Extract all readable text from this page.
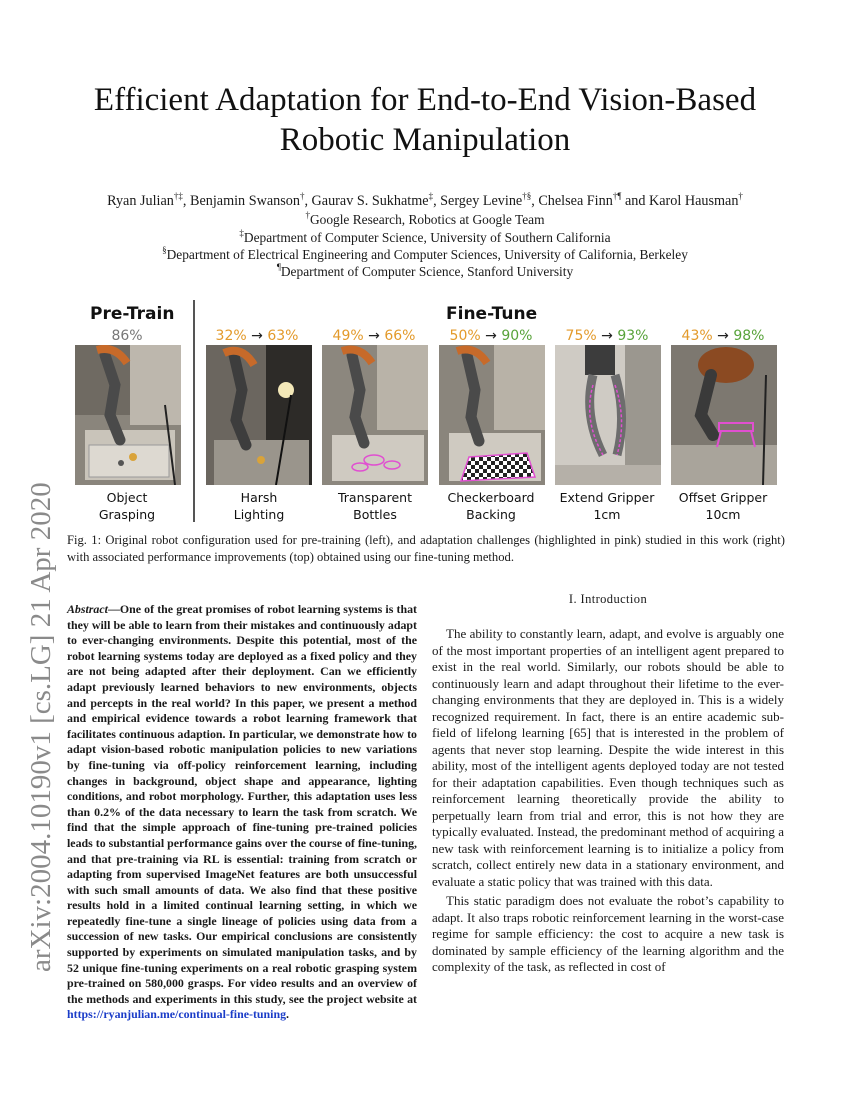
arXiv:2004.10190v1 [cs.LG] 21 Apr 2020
Efficient Adaptation for End-to-End Vision-Based Robotic Manipulation
Ryan Julian†‡, Benjamin Swanson†, Gaurav S. Sukhatme‡, Sergey Levine†§, Chelsea Finn†¶ and Karol Hausman†
†Google Research, Robotics at Google Team
‡Department of Computer Science, University of Southern California
§Department of Electrical Engineering and Computer Sciences, University of California, Berkeley
¶Department of Computer Science, Stanford University
Pre-Train	Fine-Tune
86%	32% → 63%	49% → 66%	50% → 90%	75% → 93%	43% → 98%
Object
Grasping
Harsh
Lighting
Transparent
Bottles
Checkerboard
Backing
Extend Gripper
1cm
Offset Gripper
10cm
Fig. 1: Original robot configuration used for pre-training (left), and adaptation challenges (highlighted in pink) studied in this work (right) with associated performance improvements (top) obtained using our fine-tuning method.
Abstract—One of the great promises of robot learning systems is that they will be able to learn from their mistakes and continuously adapt to ever-changing environments. Despite this potential, most of the robot learning systems today are deployed as a fixed policy and they are not being adapted after their deployment. Can we efficiently adapt previously learned behaviors to new environments, objects and percepts in the real world? In this paper, we present a method and empirical evidence towards a robot learning framework that facilitates continuous adaption. In particular, we demonstrate how to adapt vision-based robotic manipulation policies to new variations by fine-tuning via off-policy reinforcement learning, including changes in background, object shape and appearance, lighting conditions, and robot morphology. Further, this adaptation uses less than 0.2% of the data necessary to learn the task from scratch. We find that the simple approach of fine-tuning pre-trained policies leads to substantial performance gains over the course of fine-tuning, and that pre-training via RL is essential: training from scratch or adapting from supervised ImageNet features are both unsuccessful with such small amounts of data. We also find that these positive results hold in a limited continual learning setting, in which we repeatedly fine-tune a single lineage of policies using data from a succession of new tasks. Our empirical conclusions are consistently supported by experiments on simulated manipulation tasks, and by 52 unique fine-tuning experiments on a real robotic grasping system pre-trained on 580,000 grasps. For video results and an overview of the methods and experiments in this study, see the project website at https://ryanjulian.me/continual-fine-tuning.
I. Introduction

The ability to constantly learn, adapt, and evolve is arguably one of the most important properties of an intelligent agent prepared to exist in the real world. Similarly, our robots should be able to continuously learn and adapt throughout their lifetime to the ever-changing environments that they are deployed in. This is a widely recognized requirement. In fact, there is an entire academic sub-field of lifelong learning [65] that is interested in the problem of agents that never stop learning. Despite the wide interest in this ability, most of the intelligent agents deployed today are not tested for their adaptation capabilities. Even though techniques such as reinforcement learning theoretically provide the ability to perpetually learn from trial and error, this is not how they are typically evaluated. Instead, the predominant method of acquiring a new task with reinforcement learning is to initialize a policy from scratch, collect entirely new data in a stationary environment, and evaluate a static policy that was trained with this data.

This static paradigm does not evaluate the robot’s capability to adapt. It also traps robotic reinforcement learning in the worst-case regime for sample efficiency: the cost to acquire a new task is dominated by sample efficiency of the learning algorithm and the complexity of the task, as reflected in cost of
